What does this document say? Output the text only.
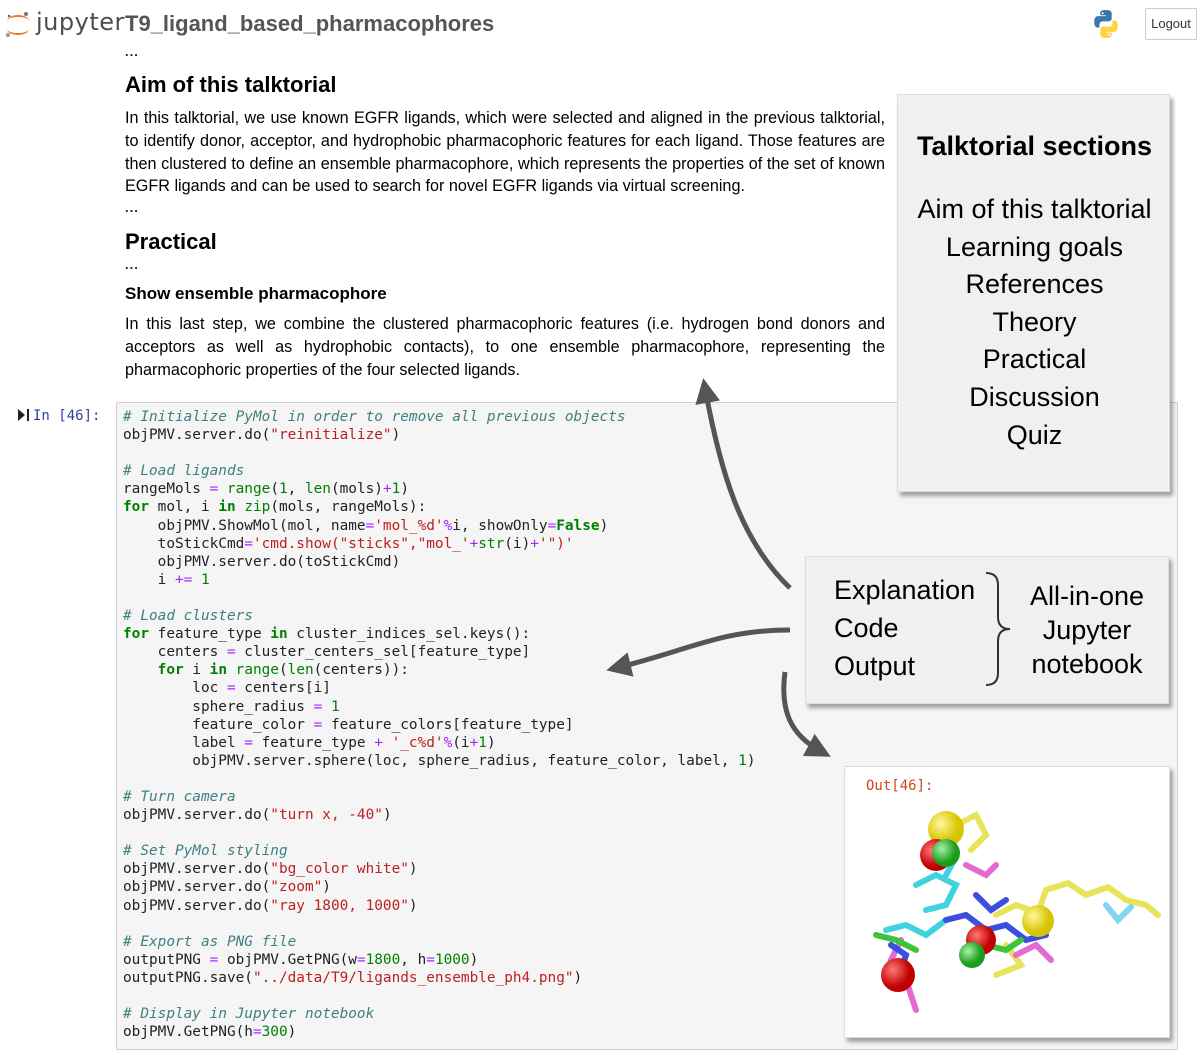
jupyter T9_ligand_based_pharmacophores	Logout
...
Aim of this talktorial
In this talktorial, we use known EGFR ligands, which were selected and aligned in the previous talktorial, to identify donor, acceptor, and hydrophobic pharmacophoric features for each ligand. Those features are then clustered to define an ensemble pharmacophore, which represents the properties of the set of known EGFR ligands and can be used to search for novel EGFR ligands via virtual screening.
...
Practical
...
Show ensemble pharmacophore
In this last step, we combine the clustered pharmacophoric features (i.e. hydrogen bond donors and acceptors as well as hydrophobic contacts), to one ensemble pharmacophore, representing the pharmacophoric properties of the four selected ligands.
In [46]: # Initialize PyMol in order to remove all previous objects
objPMV.server.do("reinitialize")

# Load ligands
rangeMols = range(1, len(mols)+1)
for mol, i in zip(mols, rangeMols):
objPMV.ShowMol(mol, name='mol_%d'%i, showOnly=False)
toStickCmd='cmd.show("sticks","mol_'+str(i)+'")'
objPMV.server.do(toStickCmd)
i += 1

# Load clusters
for feature_type in cluster_indices_sel.keys():
centers = cluster_centers_sel[feature_type]
for i in range(len(centers)):
loc = centers[i]
sphere_radius = 1
feature_color = feature_colors[feature_type]
label = feature_type + '_c%d'%(i+1)
objPMV.server.sphere(loc, sphere_radius, feature_color, label, 1)

# Turn camera
objPMV.server.do("turn x, -40")

# Set PyMol styling
objPMV.server.do("bg_color white")
objPMV.server.do("zoom")
objPMV.server.do("ray 1800, 1000")

# Export as PNG file
outputPNG = objPMV.GetPNG(w=1800, h=1000)
outputPNG.save("../data/T9/ligands_ensemble_ph4.png")

# Display in Jupyter notebook
objPMV.GetPNG(h=300)
Talktorial sections
Aim of this talktorial
Learning goals
References
Theory
Practical
Discussion
Quiz
Explanation
Code
Output
All-in-one
Jupyter
notebook
Out[46]:
